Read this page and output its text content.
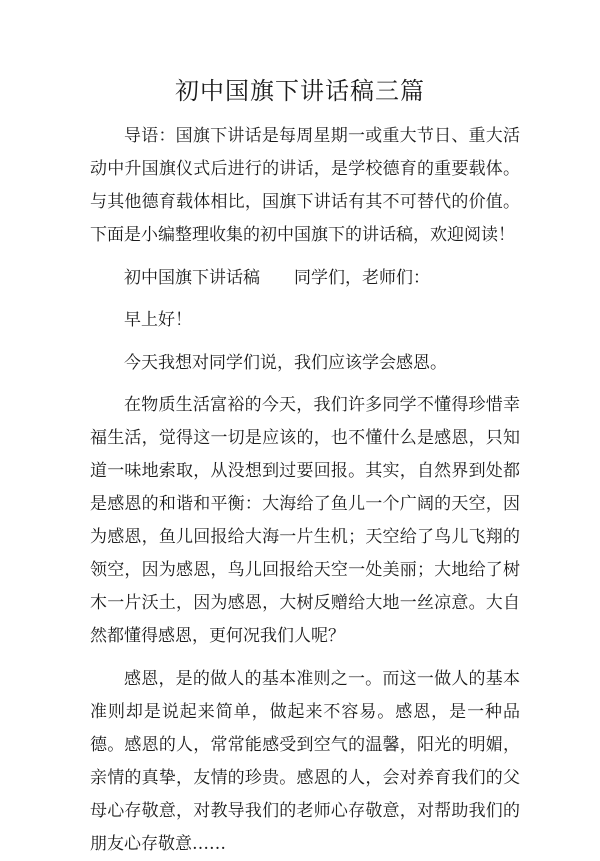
初中国旗下讲话稿三篇

导语：国旗下讲话是每周星期一或重大节日、重大活动中升国旗仪式后进行的讲话，是学校德育的重要载体。与其他德育载体相比，国旗下讲话有其不可替代的价值。下面是小编整理收集的初中国旗下的讲话稿，欢迎阅读！

初中国旗下讲话稿 同学们，老师们：

早上好！

今天我想对同学们说，我们应该学会感恩。

在物质生活富裕的今天，我们许多同学不懂得珍惜幸福生活，觉得这一切是应该的，也不懂什么是感恩，只知道一味地索取，从没想到过要回报。其实，自然界到处都是感恩的和谐和平衡：大海给了鱼儿一个广阔的天空，因为感恩，鱼儿回报给大海一片生机；天空给了鸟儿飞翔的领空，因为感恩，鸟儿回报给天空一处美丽；大地给了树木一片沃土，因为感恩，大树反赠给大地一丝凉意。大自然都懂得感恩，更何况我们人呢？

感恩，是的做人的基本准则之一。而这一做人的基本准则却是说起来简单，做起来不容易。感恩，是一种品德。感恩的人，常常能感受到空气的温馨，阳光的明媚，亲情的真挚，友情的珍贵。感恩的人，会对养育我们的父母心存敬意，对教导我们的老师心存敬意，对帮助我们的朋友心存敬意……
